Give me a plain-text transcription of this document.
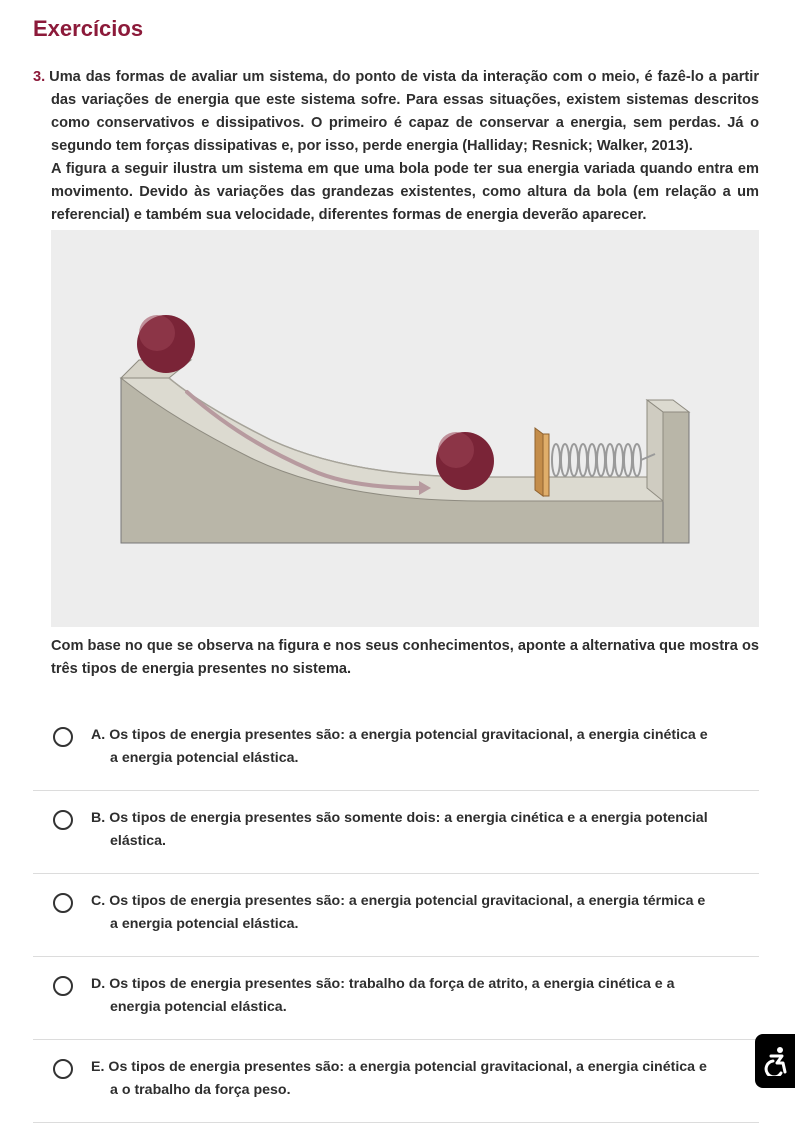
Exercícios

3. Uma das formas de avaliar um sistema, do ponto de vista da interação com o meio, é fazê-lo a partir das variações de energia que este sistema sofre. Para essas situações, existem sistemas descritos como conservativos e dissipativos. O primeiro é capaz de conservar a energia, sem perdas. Já o segundo tem forças dissipativas e, por isso, perde energia (Halliday; Resnick; Walker, 2013).

A figura a seguir ilustra um sistema em que uma bola pode ter sua energia variada quando entra em movimento. Devido às variações das grandezas existentes, como altura da bola (em relação a um referencial) e também sua velocidade, diferentes formas de energia deverão aparecer.

Com base no que se observa na figura e nos seus conhecimentos, aponte a alternativa que mostra os três tipos de energia presentes no sistema.

A. Os tipos de energia presentes são: a energia potencial gravitacional, a energia cinética e
a energia potencial elástica.
B. Os tipos de energia presentes são somente dois: a energia cinética e a energia potencial
elástica.
C. Os tipos de energia presentes são: a energia potencial gravitacional, a energia térmica e
a energia potencial elástica.
D. Os tipos de energia presentes são: trabalho da força de atrito, a energia cinética e a
energia potencial elástica.
E. Os tipos de energia presentes são: a energia potencial gravitacional, a energia cinética e
a o trabalho da força peso.
